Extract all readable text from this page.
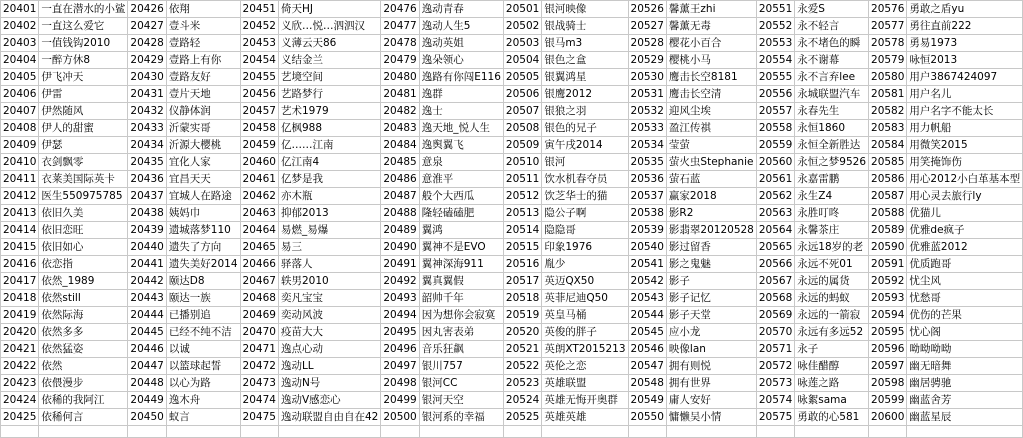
20401	一直在潜水的小鲨	20426	依翔	20451	倚天HJ	20476	逸动青春	20501	银河映像	20526	馨薰王zhi	20551	永爱S	20576	勇敢之盾yu
20402	一直这么爱它	20427	壹斗米	20452	义欣…悦…泗泗汉	20477	逸动人生5	20502	银战骑士	20527	馨薰无毒	20552	永不轻言	20577	勇往直前222
20403	一值钱钩2010	20428	壹路轻	20453	义薄云天86	20478	逸动英姐	20503	银马m3	20528	樱花小百合	20553	永不堵色的瞬	20578	勇易1973
20404	一醉方休8	20429	壹路上有你	20454	义结金兰	20479	逸朵领心	20504	银色之盒	20529	樱桃小马	20554	永不谢幕	20579	咏恒2013
20405	伊飞冲天	20430	壹路友好	20455	艺境空间	20480	逸路有你闯E116	20505	银翼鸿星	20530	鹰击长空8181	20555	永不言弃lee	20580	用户3867424097
20406	伊雷	20431	壹片天地	20456	艺路梦行	20481	逸群	20506	银鹰2012	20531	鹰击长空清	20556	永城联盟汽车	20581	用户名儿
20407	伊然随风	20432	仪静体润	20457	艺术1979	20482	逸士	20507	银狼之羽	20532	迎风尘埃	20557	永春先生	20582	用户名字不能太长
20408	伊人的甜蜜	20433	沂蒙实哥	20458	亿枫988	20483	逸天地_悦人生	20508	银色的兄子	20533	盈江传祺	20558	永恒1860	20583	用力帆船
20409	伊瑟	20434	沂源大樱桃	20459	亿……江南	20484	逸舆翼飞	20509	寅午戌2014	20534	莹萤	20559	永恒全新胜达	20584	用微笑2015
20410	衣剑飘零	20435	宜化人家	20460	亿江南4	20485	意泉	20510	银河	20535	萤火虫Stephanie	20560	永恒之梦9526	20585	用笑掩饰伤
20411	衣莱美国际英卡	20436	宜昌天天	20461	亿梦是我	20486	意淮平	20511	饮水机春夺员	20536	萤石蓝	20561	永嘉雷鹏	20586	用心2012小白革基本型
20412	医生550975785	20437	宜城人在路途	20462	亦木瓶	20487	般个大西瓜	20512	饮芝华士的猫	20537	赢家2018	20562	永生Z4	20587	用心灵去旅行ly
20413	依旧久美	20438	姨妈巾	20463	抑郁2013	20488	隆轻磕磕肥	20513	隐公子啊	20538	影R2	20563	永胜叮咚	20588	优猫儿
20414	依旧恋旺	20439	遗城落梦110	20464	易燃_易爆	20489	翼鸿	20514	隐隐哥	20539	影翡翠20120528	20564	永馨茶庄	20589	优雅de疯子
20415	依旧如心	20440	遗失了方向	20465	易三	20490	翼神不是EVO	20515	印象1976	20540	影过留香	20565	永远18岁的老	20590	优雅蓝2012
20416	依恋指	20441	遗失美好2014	20466	驿落人	20491	翼神深海911	20516	胤少	20541	影之鬼魅	20566	永远不死01	20591	优质跑哥
20417	依然_1989	20442	颐达D8	20467	轶男2010	20492	翼真翼假	20517	英迈QX50	20542	影子	20567	永远的属货	20592	忧尘风
20418	依然still	20443	颐达一族	20468	奕凡宝宝	20493	韶帅千年	20518	英菲尼迪Q50	20543	影子记忆	20568	永远的蚂蚁	20593	忧愁哥
20419	依然际海	20444	已播别追	20469	奕动风波	20494	因为想你会寂寞	20519	英皇马桶	20544	影子天堂	20569	永远的一箭寂	20594	优伤的芒果
20420	依然多多	20445	已经不纯不洁	20470	疫苗大大	20495	因丸害表弟	20520	英俊的胖子	20545	应小龙	20570	永远有多远52	20595	忧心阁
20421	依然猛姿	20446	以诚	20471	逸点心动	20496	音乐狂飙	20521	英朗XT2015213	20546	映像lan	20571	永子	20596	呦呦呦呦
20422	依然	20447	以篮球起誓	20472	逸动LL	20497	银川757	20522	英伦之恋	20547	拥有则悦	20572	咏佳醋醇	20597	幽无暗舞
20423	依偎漫步	20448	以心为路	20473	逸动N号	20498	银河CC	20523	英雄联盟	20548	拥有世界	20573	咏莲之路	20598	幽居骋驰
20424	依稀的我阿江	20449	逸木舟	20474	逸动V感恋心	20499	银河天空	20524	英雄无悔开奥群	20549	庸人安好	20574	咏絮sama	20599	幽蓝舍芳
20425	依稀何言	20450	蚁言	20475	逸动联盟自由自在42	20500	银河系的幸福	20525	英雄英雄	20550	慵懒吴小情	20575	勇敢的心581	20600	幽蓝星辰
